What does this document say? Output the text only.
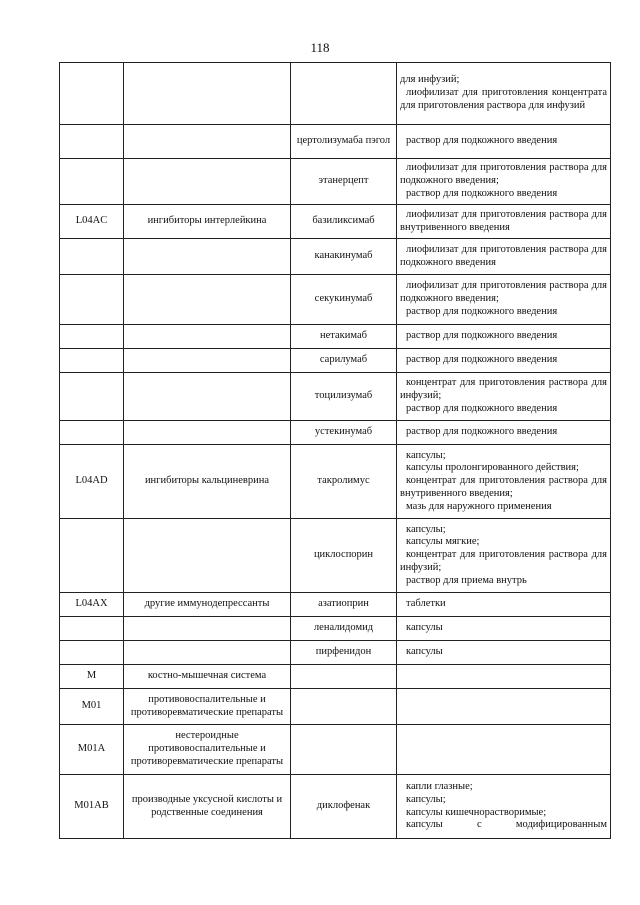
118

			для инфузий;
лиофилизат для приготовления концентрата для приготовления раствора для инфузий

		цертолизумаба пэгол	раствор для подкожного введения

		этанерцепт	лиофилизат для приготовления раствора для подкожного введения;
раствор для подкожного введения

L04AC	ингибиторы интерлейкина	базиликсимаб	лиофилизат для приготовления раствора для внутривенного введения

		канакинумаб	лиофилизат для приготовления раствора для подкожного введения

		секукинумаб	лиофилизат для приготовления раствора для подкожного введения;
раствор для подкожного введения

		нетакимаб	раствор для подкожного введения

		сарилумаб	раствор для подкожного введения

		тоцилизумаб	концентрат для приготовления раствора для инфузий;
раствор для подкожного введения

		устекинумаб	раствор для подкожного введения

L04AD	ингибиторы кальциневрина	такролимус	капсулы;
капсулы пролонгированного действия;
концентрат для приготовления раствора для внутривенного введения;
мазь для наружного применения

		циклоспорин	капсулы;
капсулы мягкие;
концентрат для приготовления раствора для инфузий;
раствор для приема внутрь

L04AX	другие иммунодепрессанты	азатиоприн	таблетки

		леналидомид	капсулы

		пирфенидон	капсулы

M	костно-мышечная система		
M01	противовоспалительные и противоревматические препараты		
M01A	нестероидные противовоспалительные и противоревматические препараты		
M01AB	производные уксусной кислоты и родственные соединения	диклофенак	капли глазные;
капсулы;
капсулы кишечнорастворимые;
капсулы с модифицированным
